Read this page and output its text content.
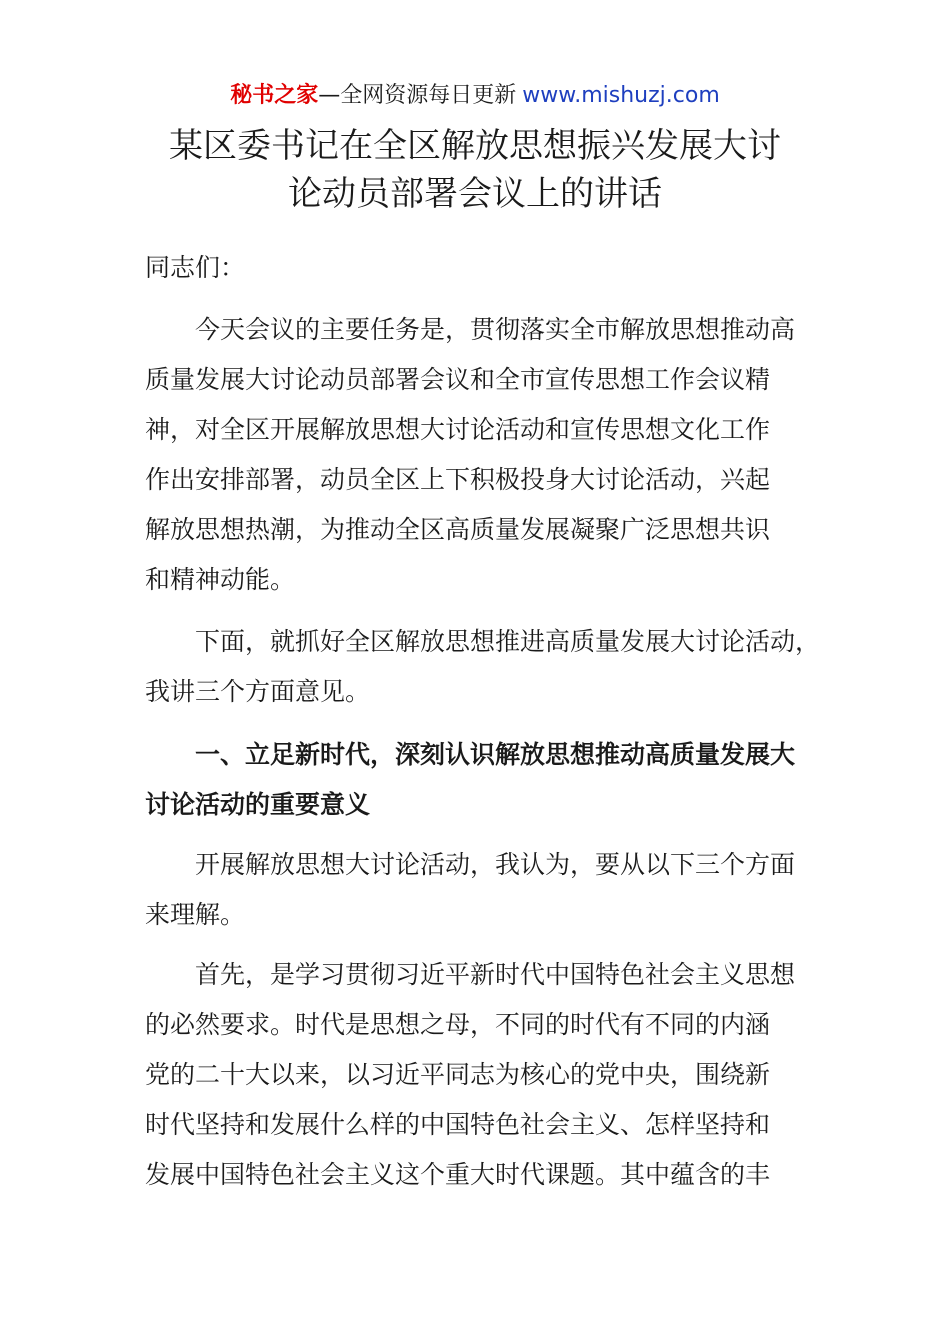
秘书之家—全网资源每日更新 www.mishuzj.com
某区委书记在全区解放思想振兴发展大讨
论动员部署会议上的讲话
同志们：
　　今天会议的主要任务是，贯彻落实全市解放思想推动高
质量发展大讨论动员部署会议和全市宣传思想工作会议精
神，对全区开展解放思想大讨论活动和宣传思想文化工作
作出安排部署，动员全区上下积极投身大讨论活动，兴起
解放思想热潮，为推动全区高质量发展凝聚广泛思想共识
和精神动能。
　　下面，就抓好全区解放思想推进高质量发展大讨论活动，
我讲三个方面意见。
　　一、立足新时代，深刻认识解放思想推动高质量发展大
讨论活动的重要意义
　　开展解放思想大讨论活动，我认为，要从以下三个方面
来理解。
　　首先，是学习贯彻习近平新时代中国特色社会主义思想
的必然要求。时代是思想之母，不同的时代有不同的内涵
党的二十大以来，以习近平同志为核心的党中央，围绕新
时代坚持和发展什么样的中国特色社会主义、怎样坚持和
发展中国特色社会主义这个重大时代课题。其中蕴含的丰
